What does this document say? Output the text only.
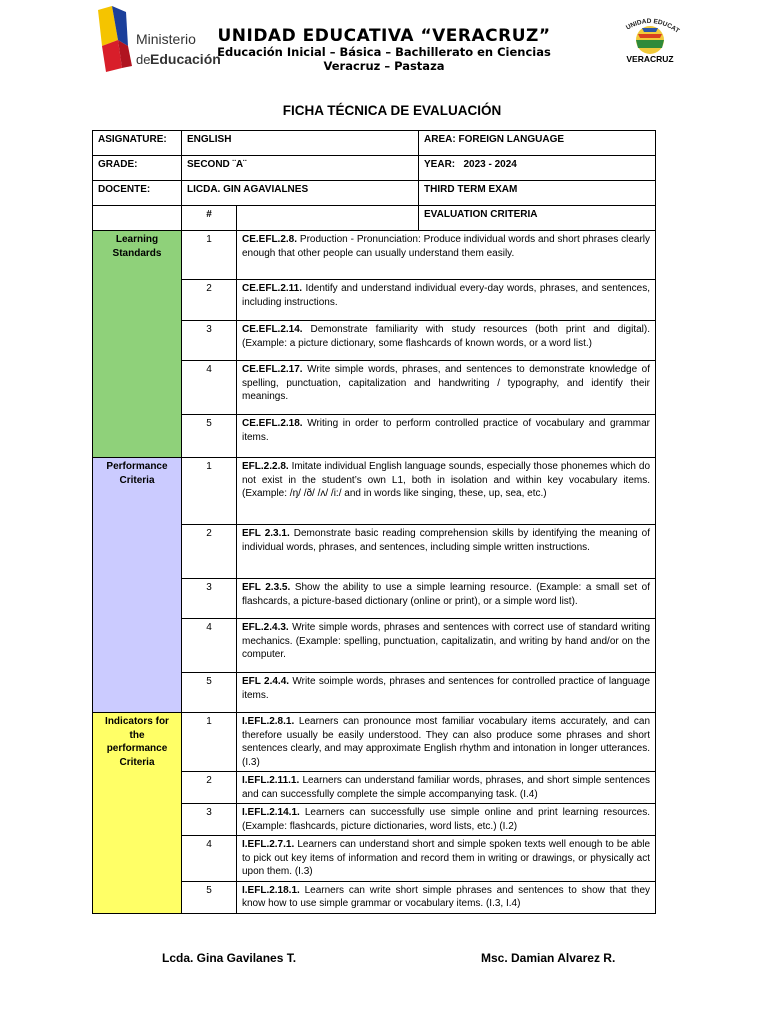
Ministerio
de Educación
UNIDAD EDUCATIVA “VERACRUZ”
Educación Inicial – Básica – Bachillerato en Ciencias
Veracruz – Pastaza
UNIDAD EDUCAT
VERACRUZ
FICHA TÉCNICA DE EVALUACIÓN
ASIGNATURE:	ENGLISH		AREA: FOREIGN LANGUAGE
GRADE:	SECOND ¨A¨		YEAR: 2023 - 2024
DOCENTE:	LICDA. GIN AGAVIALNES		THIRD TERM EXAM
	#		EVALUATION CRITERIA
Learning Standards	1	CE.EFL.2.8. Production - Pronunciation: Produce individual words and short phrases clearly enough that other people can usually understand them easily.	
	2	CE.EFL.2.11. Identify and understand individual every-day words, phrases, and sentences, including instructions.	
	3	CE.EFL.2.14. Demonstrate familiarity with study resources (both print and digital). (Example: a picture dictionary, some flashcards of known words, or a word list.)	
	4	CE.EFL.2.17. Write simple words, phrases, and sentences to demonstrate knowledge of spelling, punctuation, capitalization and handwriting / typography, and identify their meanings.	
	5	CE.EFL.2.18. Writing in order to perform controlled practice of vocabulary and grammar items.	
Performance Criteria	1	EFL.2.2.8. Imitate individual English language sounds, especially those phonemes which do not exist in the student’s own L1, both in isolation and within key vocabulary items. (Example: /ŋ/ /ð/ /ʌ/ /i:/ and in words like singing, these, up, sea, etc.)	
	2	EFL 2.3.1. Demonstrate basic reading comprehension skills by identifying the meaning of individual words, phrases, and sentences, including simple written instructions.	
	3	EFL 2.3.5. Show the ability to use a simple learning resource. (Example: a small set of flashcards, a picture-based dictionary (online or print), or a simple word list).	
	4	EFL.2.4.3. Write simple words, phrases and sentences with correct use of standard writing mechanics. (Example: spelling, punctuation, capitalizatin, and writing by hand and/or on the computer.	
	5	EFL 2.4.4. Write soimple words, phrases and sentences for controlled practice of language items.	
Indicators for the performance Criteria	1	I.EFL.2.8.1. Learners can pronounce most familiar vocabulary items accurately, and can therefore usually be easily understood. They can also produce some phrases and short sentences clearly, and may approximate English rhythm and intonation in longer utterances. (I.3)	
	2	I.EFL.2.11.1. Learners can understand familiar words, phrases, and short simple sentences and can successfully complete the simple accompanying task. (I.4)	
	3	I.EFL.2.14.1. Learners can successfully use simple online and print learning resources. (Example: flashcards, picture dictionaries, word lists, etc.) (I.2)	
	4	I.EFL.2.7.1. Learners can understand short and simple spoken texts well enough to be able to pick out key items of information and record them in writing or drawings, or physically act upon them. (I.3)	
	5	I.EFL.2.18.1. Learners can write short simple phrases and sentences to show that they know how to use simple grammar or vocabulary items. (I.3, I.4)	
Lcda. Gina Gavilanes T.	Msc. Damian Alvarez R.
